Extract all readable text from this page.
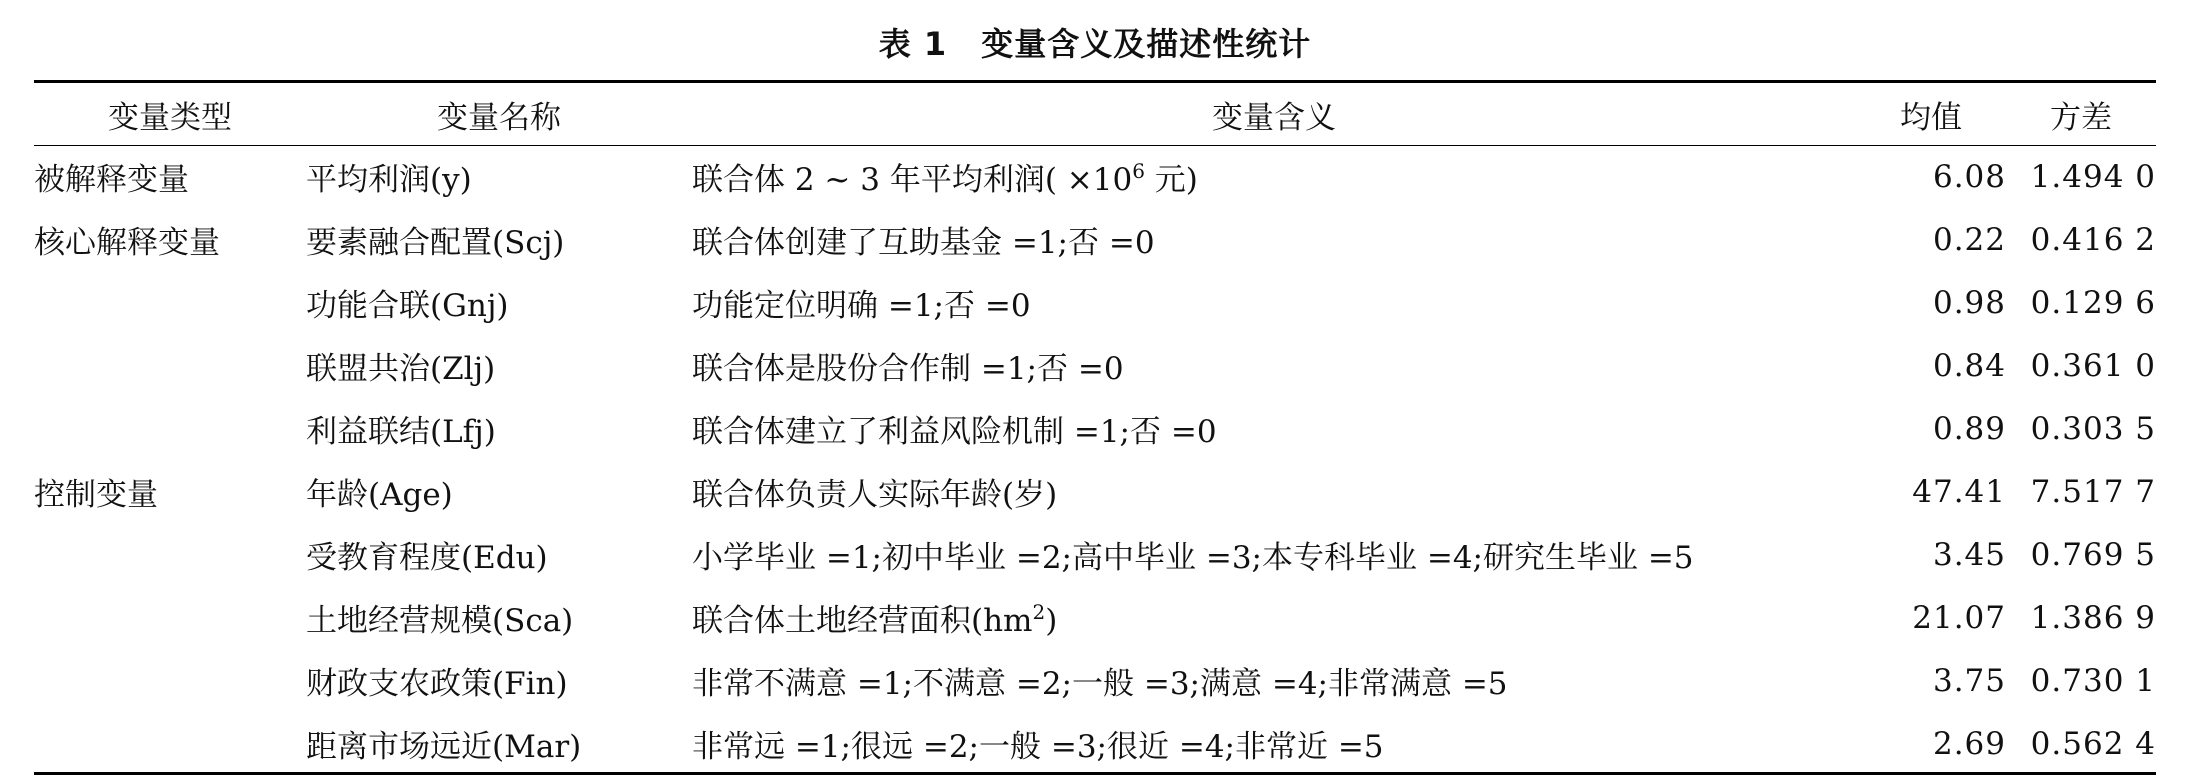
表 1 变量含义及描述性统计
变量类型	变量名称	变量含义	均值	方差
被解释变量	平均利润(y)	联合体 2 ~ 3 年平均利润( $\times 10^6$ 元)	6.08	1.494 0
核心解释变量	要素融合配置(Scj)	联合体创建了互助基金 =1;否 =0	0.22	0.416 2
	功能合联(Gnj)	功能定位明确 =1;否 =0	0.98	0.129 6
	联盟共治(Zlj)	联合体是股份合作制 =1;否 =0	0.84	0.361 0
	利益联结(Lfj)	联合体建立了利益风险机制 =1;否 =0	0.89	0.303 5
控制变量	年龄(Age)	联合体负责人实际年龄(岁)	47.41	7.517 7
	受教育程度(Edu)	小学毕业 =1;初中毕业 =2;高中毕业 =3;本专科毕业 =4;研究生毕业 =5	3.45	0.769 5
	土地经营规模(Sca)	联合体土地经营面积$(hm^2)$	21.07	1.386 9
	财政支农政策(Fin)	非常不满意 =1;不满意 =2;一般 =3;满意 =4;非常满意 =5	3.75	0.730 1
	距离市场远近(Mar)	非常远 =1;很远 =2;一般 =3;很近 =4;非常近 =5	2.69	0.562 4
